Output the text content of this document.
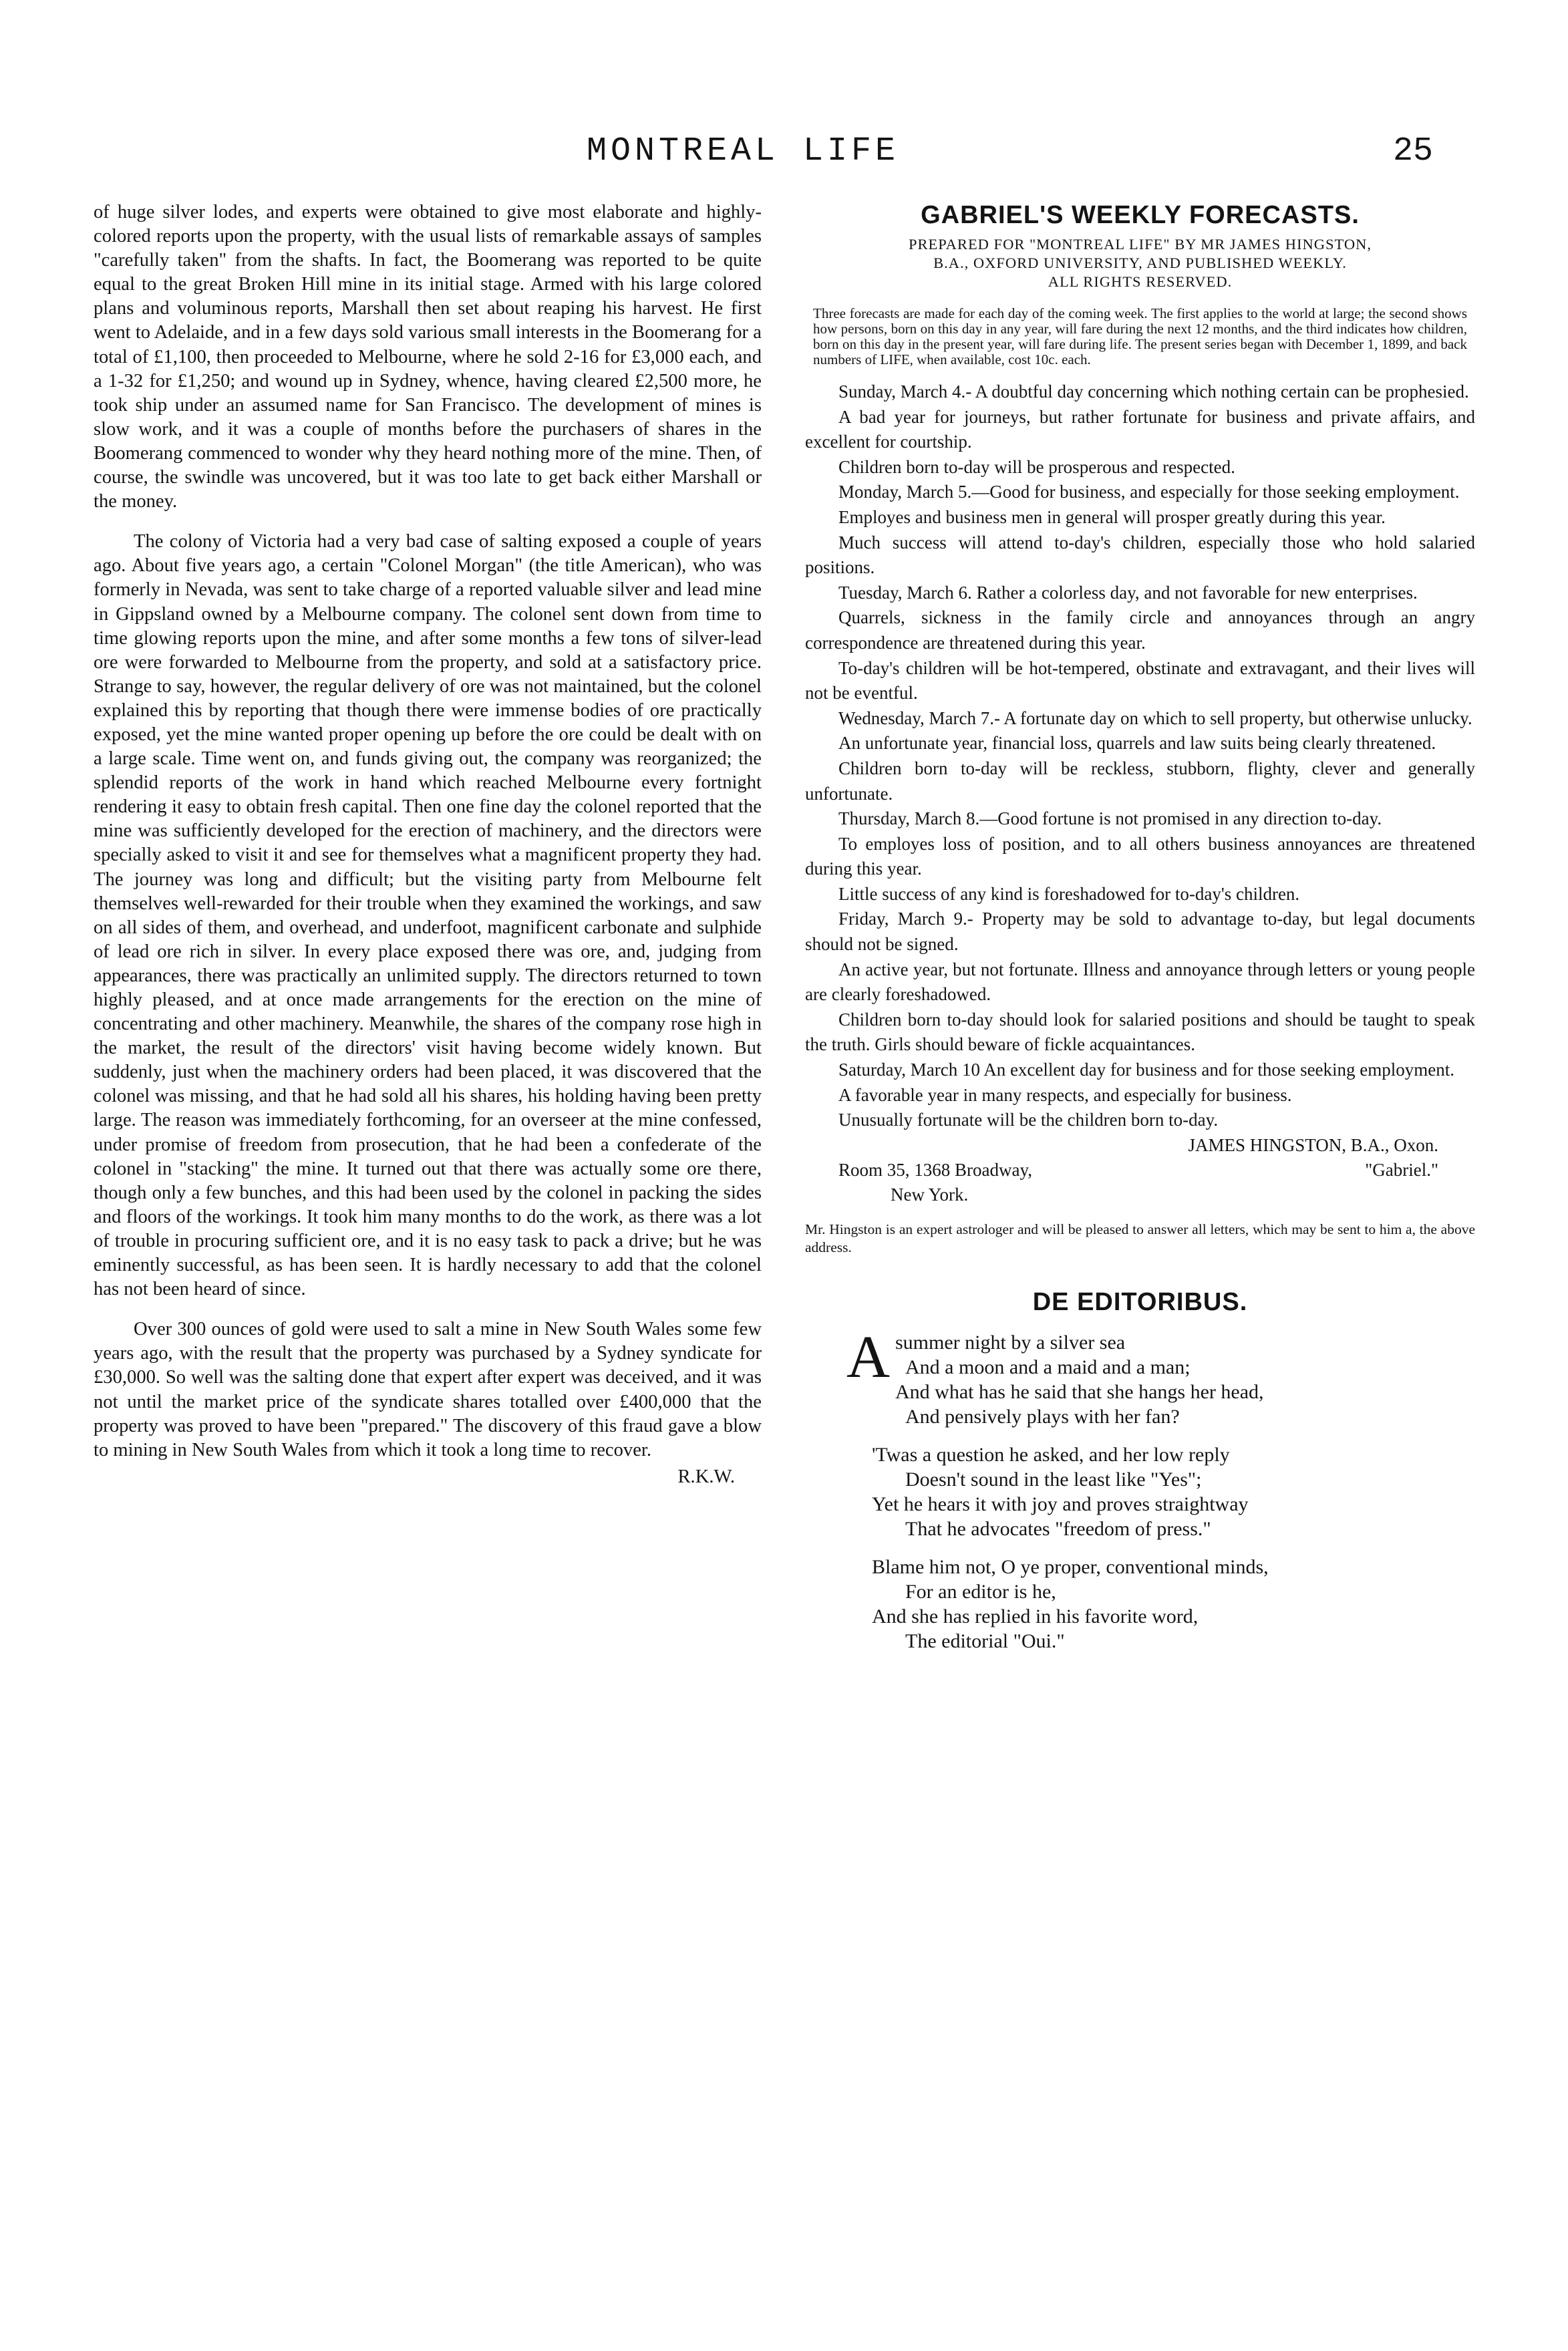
MONTREAL LIFE	25

of huge silver lodes, and experts were obtained to give most elaborate and highly-colored reports upon the property, with the usual lists of remarkable assays of samples "carefully taken" from the shafts. In fact, the Boomerang was reported to be quite equal to the great Broken Hill mine in its initial stage. Armed with his large colored plans and voluminous reports, Marshall then set about reaping his harvest. He first went to Adelaide, and in a few days sold various small interests in the Boomerang for a total of £1,100, then proceeded to Melbourne, where he sold 2-16 for £3,000 each, and a 1-32 for £1,250; and wound up in Sydney, whence, having cleared £2,500 more, he took ship under an assumed name for San Francisco. The development of mines is slow work, and it was a couple of months before the purchasers of shares in the Boomerang commenced to wonder why they heard nothing more of the mine. Then, of course, the swindle was uncovered, but it was too late to get back either Marshall or the money.

The colony of Victoria had a very bad case of salting exposed a couple of years ago. About five years ago, a certain "Colonel Morgan" (the title American), who was formerly in Nevada, was sent to take charge of a reported valuable silver and lead mine in Gippsland owned by a Melbourne company. The colonel sent down from time to time glowing reports upon the mine, and after some months a few tons of silver-lead ore were forwarded to Melbourne from the property, and sold at a satisfactory price. Strange to say, however, the regular delivery of ore was not maintained, but the colonel explained this by reporting that though there were immense bodies of ore practically exposed, yet the mine wanted proper opening up before the ore could be dealt with on a large scale. Time went on, and funds giving out, the company was reorganized; the splendid reports of the work in hand which reached Melbourne every fortnight rendering it easy to obtain fresh capital. Then one fine day the colonel reported that the mine was sufficiently developed for the erection of machinery, and the directors were specially asked to visit it and see for themselves what a magnificent property they had. The journey was long and difficult; but the visiting party from Melbourne felt themselves well-rewarded for their trouble when they examined the workings, and saw on all sides of them, and overhead, and underfoot, magnificent carbonate and sulphide of lead ore rich in silver. In every place exposed there was ore, and, judging from appearances, there was practically an unlimited supply. The directors returned to town highly pleased, and at once made arrangements for the erection on the mine of concentrating and other machinery. Meanwhile, the shares of the company rose high in the market, the result of the directors' visit having become widely known. But suddenly, just when the machinery orders had been placed, it was discovered that the colonel was missing, and that he had sold all his shares, his holding having been pretty large. The reason was immediately forthcoming, for an overseer at the mine confessed, under promise of freedom from prosecution, that he had been a confederate of the colonel in "stacking" the mine. It turned out that there was actually some ore there, though only a few bunches, and this had been used by the colonel in packing the sides and floors of the workings. It took him many months to do the work, as there was a lot of trouble in procuring sufficient ore, and it is no easy task to pack a drive; but he was eminently successful, as has been seen. It is hardly necessary to add that the colonel has not been heard of since.

Over 300 ounces of gold were used to salt a mine in New South Wales some few years ago, with the result that the property was purchased by a Sydney syndicate for £30,000. So well was the salting done that expert after expert was deceived, and it was not until the market price of the syndicate shares totalled over £400,000 that the property was proved to have been "prepared." The discovery of this fraud gave a blow to mining in New South Wales from which it took a long time to recover.

R.K.W.
GABRIEL'S WEEKLY FORECASTS.
PREPARED FOR "MONTREAL LIFE" BY MR JAMES HINGSTON,
B.A., OXFORD UNIVERSITY, AND PUBLISHED WEEKLY.
ALL RIGHTS RESERVED.

Three forecasts are made for each day of the coming week. The first applies to the world at large; the second shows how persons, born on this day in any year, will fare during the next 12 months, and the third indicates how children, born on this day in the present year, will fare during life. The present series began with December 1, 1899, and back numbers of LIFE, when available, cost 10c. each.

Sunday, March 4.- A doubtful day concerning which nothing certain can be prophesied.

A bad year for journeys, but rather fortunate for business and private affairs, and excellent for courtship.

Children born to-day will be prosperous and respected.

Monday, March 5.—Good for business, and especially for those seeking employment.

Employes and business men in general will prosper greatly during this year.

Much success will attend to-day's children, especially those who hold salaried positions.

Tuesday, March 6. Rather a colorless day, and not favorable for new enterprises.

Quarrels, sickness in the family circle and annoyances through an angry correspondence are threatened during this year.

To-day's children will be hot-tempered, obstinate and extravagant, and their lives will not be eventful.

Wednesday, March 7.- A fortunate day on which to sell property, but otherwise unlucky.

An unfortunate year, financial loss, quarrels and law suits being clearly threatened.

Children born to-day will be reckless, stubborn, flighty, clever and generally unfortunate.

Thursday, March 8.—Good fortune is not promised in any direction to-day.

To employes loss of position, and to all others business annoyances are threatened during this year.

Little success of any kind is foreshadowed for to-day's children.

Friday, March 9.- Property may be sold to advantage to-day, but legal documents should not be signed.

An active year, but not fortunate. Illness and annoyance through letters or young people are clearly foreshadowed.

Children born to-day should look for salaried positions and should be taught to speak the truth. Girls should beware of fickle acquaintances.

Saturday, March 10 An excellent day for business and for those seeking employment.

A favorable year in many respects, and especially for business.

Unusually fortunate will be the children born to-day.

JAMES HINGSTON, B.A., Oxon.
Room 35, 1368 Broadway,	"Gabriel."
New York.

Mr. Hingston is an expert astrologer and will be pleased to answer all letters, which may be sent to him a, the above address.

DE EDITORIBUS.
A summer night by a silver sea
And a moon and a maid and a man;
And what has he said that she hangs her head,
And pensively plays with her fan?
'Twas a question he asked, and her low reply
Doesn't sound in the least like "Yes";
Yet he hears it with joy and proves straightway
That he advocates "freedom of press."
Blame him not, O ye proper, conventional minds,
For an editor is he,
And she has replied in his favorite word,
The editorial "Oui."
